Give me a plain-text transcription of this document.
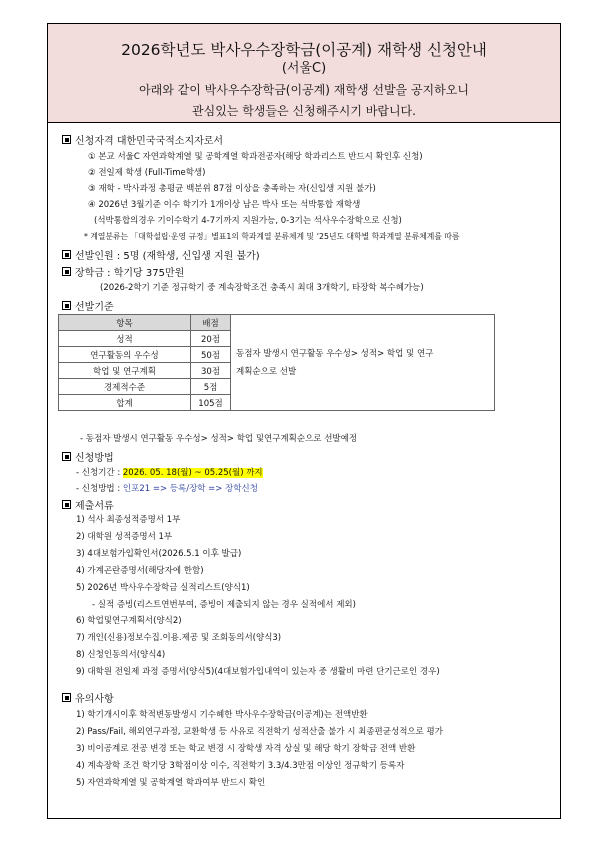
2026학년도 박사우수장학금(이공계) 재학생 신청안내
(서울C)
아래와 같이 박사우수장학금(이공계) 재학생 선발을 공지하오니
관심있는 학생들은 신청해주시기 바랍니다.
신청자격 대한민국국적소지자로서
① 본교 서울C 자연과학계열 및 공학계열 학과전공자(해당 학과리스트 반드시 확인후 신청)
② 전일제 학생 (Full-Time학생)
③ 재학 - 박사과정 총평균 백분위 87점 이상을 충족하는 자(신입생 지원 불가)
④ 2026년 3월기준 이수 학기가 1개이상 남은 박사 또는 석박통합 재학생
(석박통합의경우 기이수학기 4-7기까지 지원가능, 0-3기는 석사우수장학으로 신청)
* 계열분류는 「대학설립·운영 규정」별표1의 학과계열 분류체계 및 ‘25년도 대학별 학과계열 분류체계를 따름
선발인원 : 5명 (재학생, 신입생 지원 불가)
장학금 : 학기당 375만원
(2026-2학기 기준 정규학기 중 계속장학조건 충족시 최대 3개학기, 타장학 복수혜가능)
선발기준
항목	배점	동점자 발생시 연구활동 우수성> 성적> 학업 및 연구
계획순으로 선발
성적	20점	
연구활동의 우수성	50점	
학업 및 연구계획	30점	
경제적수준	5점	
합계	105점	
- 동점자 발생시 연구활동 우수성> 성적> 학업 및연구계획순으로 선발예정
신청방법
- 신청기간 : 2026. 05. 18(월) ~ 05.25(월) 까지
- 신청방법 : 인포21 => 등록/장학 => 장학신청
제출서류
1) 석사 최종성적증명서 1부
2) 대학원 성적증명서 1부
3) 4대보험가입확인서(2026.5.1 이후 발급)
4) 가계곤란증명서(해당자에 한함)
5) 2026년 박사우수장학금 실적리스트(양식1)
- 실적 증빙(리스트연번부여, 증빙이 제출되지 않는 경우 실적에서 제외)
6) 학업및연구계획서(양식2)
7) 개인(신용)정보수집.이용.제공 및 조회동의서(양식3)
8) 신청인동의서(양식4)
9) 대학원 전일제 과정 증명서(양식5)(4대보험가입내역이 있는자 중 생활비 마련 단기근로인 경우)
유의사항
1) 학기개시이후 학적변동발생시 기수혜한 박사우수장학금(이공계)는 전액반환
2) Pass/Fail, 해외연구과정, 교환학생 등 사유로 직전학기 성적산출 불가 시 최종편균성적으로 평가
3) 비이공계로 전공 변경 또는 학교 변경 시 장학생 자격 상실 및 해당 학기 장학금 전액 반환
4) 계속장학 조건 학기당 3학점이상 이수, 직전학기 3.3/4.3만점 이상인 정규학기 등록자
5) 자연과학계열 및 공학계열 학과여부 반드시 확인
